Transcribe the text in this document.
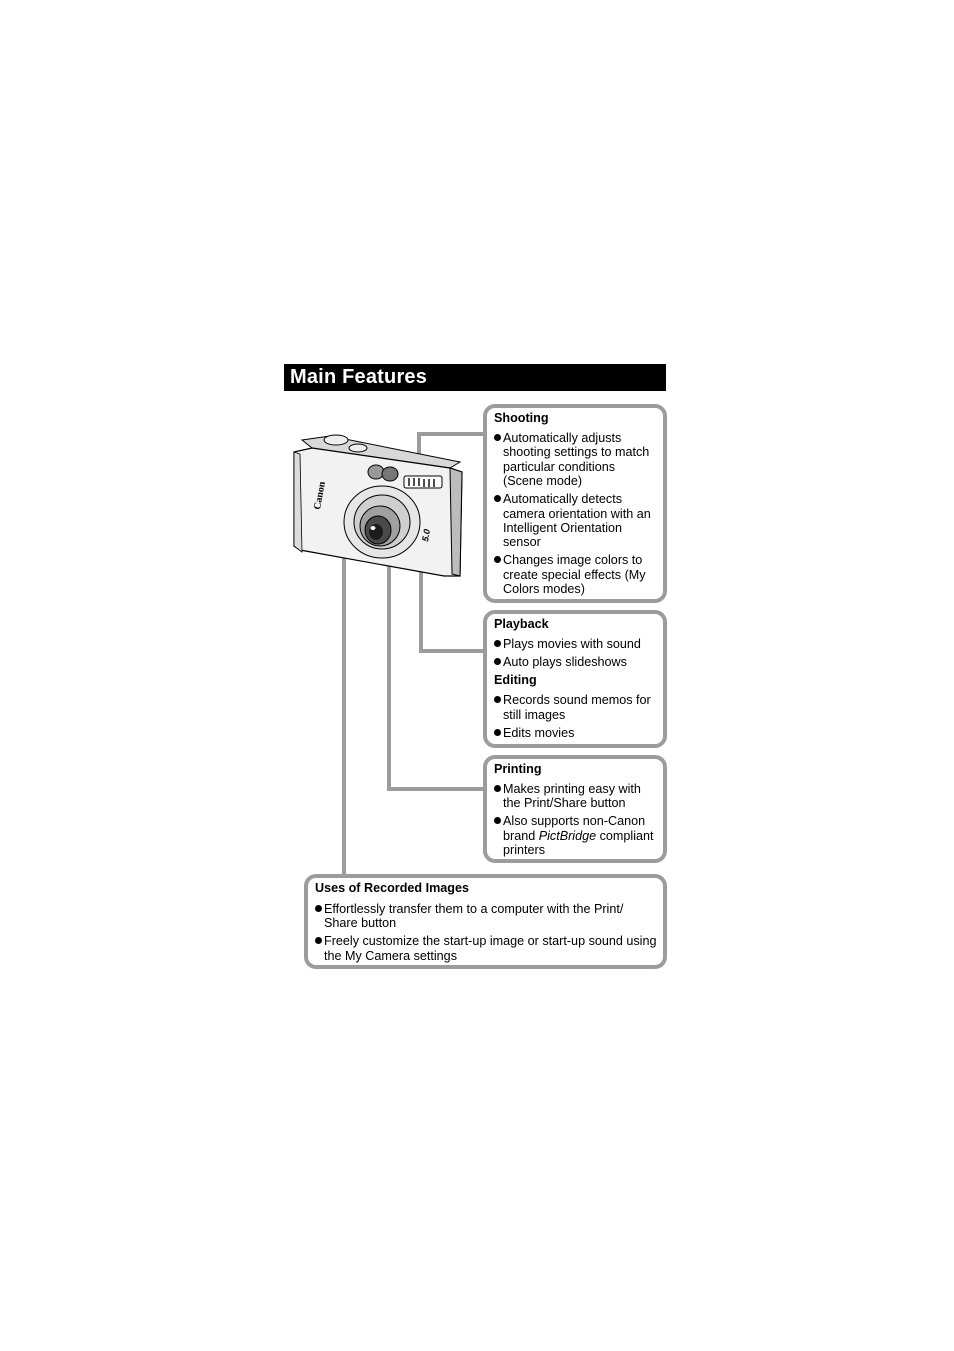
Main Features
Canon
5.0
Shooting
Automatically adjusts shooting settings to match particular conditions (Scene mode)
Automatically detects camera orientation with an Intelligent Orientation sensor
Changes image colors to create special effects (My Colors modes)
Playback
Plays movies with sound
Auto plays slideshows
Editing
Records sound memos for still images
Edits movies
Printing
Makes printing easy with the Print/Share button
Also supports non-Canon brand PictBridge compliant printers
Uses of Recorded Images
Effortlessly transfer them to a computer with the Print/ Share button
Freely customize the start-up image or start-up sound using the My Camera settings
